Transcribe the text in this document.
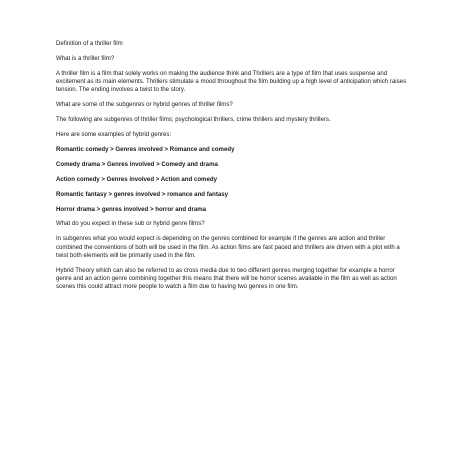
Definition of a thriller film

What is a thriller film?

A thriller film is a film that solely works on making the audience think and Thrillers are a type of film that uses suspense and excitement as its main elements. Thrillers stimulate a mood throughout the film building up a high level of anticipation which raises tension. The ending involves a twist to the story.

What are some of the subgenres or hybrid genres of thriller films?

The following are subgenres of thriller films; psychological thrillers, crime thrillers and mystery thrillers.

Here are some examples of hybrid genres:

Romantic comedy > Genres involved > Romance and comedy

Comedy drama > Genres involved > Comedy and drama

Action comedy > Genres involved > Action and comedy

Romantic fantasy > genres involved > romance and fantasy

Horror drama > genres involved > horror and drama

What do you expect in these sub or hybrid genre films?

In subgenres what you would expect is depending on the genres combined for example if the genres are action and thriller combined the conventions of both will be used in the film. As action films are fast paced and thrillers are driven with a plot with a twist both elements will be primarily used in the film.

Hybrid Theory which can also be referred to as cross media due to two different genres merging together for example a horror genre and an action genre combining together this means that there will be horror scenes available in the film as well as action scenes this could attract more people to watch a film due to having two genres in one film.
